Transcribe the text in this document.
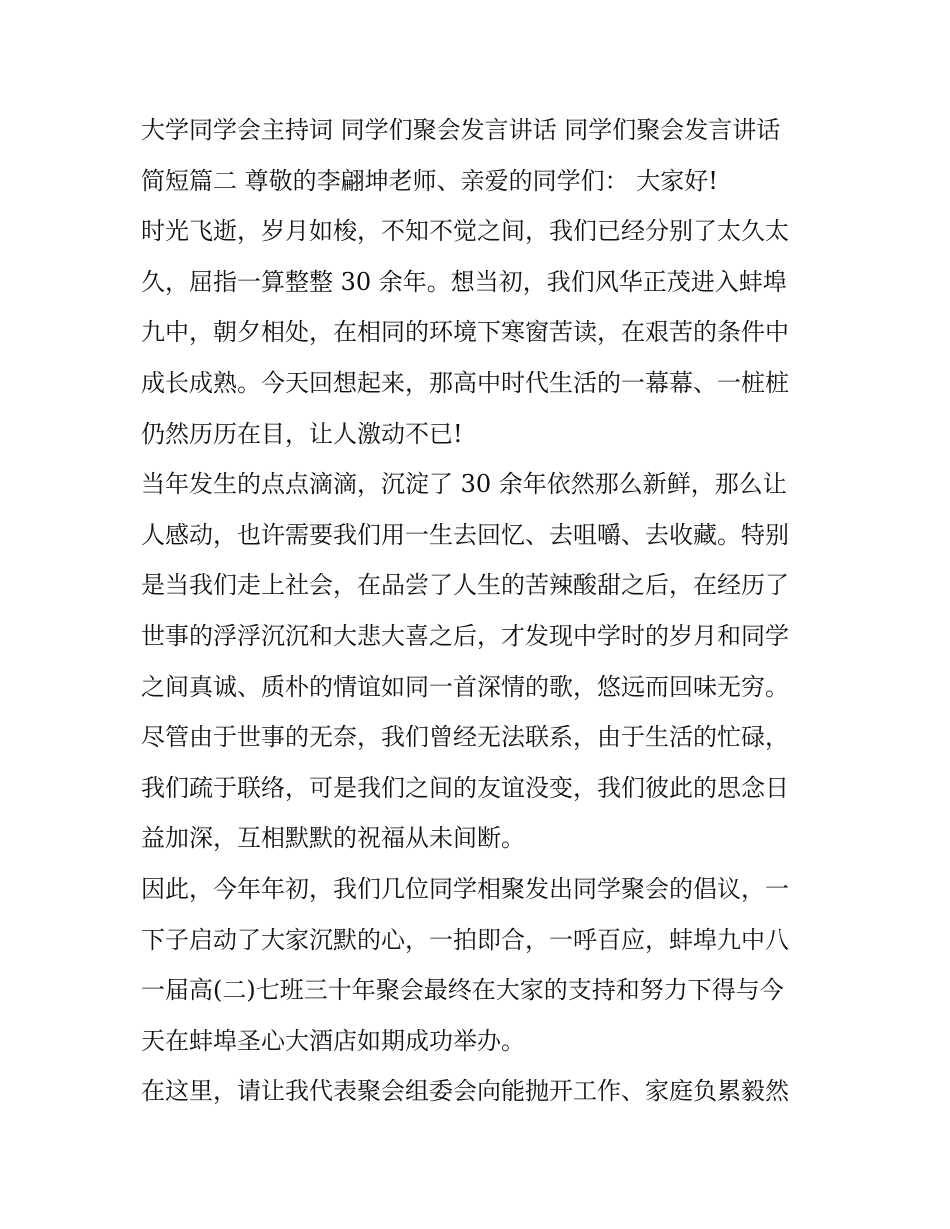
大学同学会主持词 同学们聚会发言讲话 同学们聚会发言讲话
简短篇二 尊敬的李翩坤老师、亲爱的同学们： 大家好!
时光飞逝，岁月如梭，不知不觉之间，我们已经分别了太久太
久，屈指一算整整 30 余年。想当初，我们风华正茂进入蚌埠
九中，朝夕相处，在相同的环境下寒窗苦读，在艰苦的条件中
成长成熟。今天回想起来，那高中时代生活的一幕幕、一桩桩
仍然历历在目，让人激动不已!
当年发生的点点滴滴，沉淀了 30 余年依然那么新鲜，那么让
人感动，也许需要我们用一生去回忆、去咀嚼、去收藏。特别
是当我们走上社会，在品尝了人生的苦辣酸甜之后，在经历了
世事的浮浮沉沉和大悲大喜之后，才发现中学时的岁月和同学
之间真诚、质朴的情谊如同一首深情的歌，悠远而回味无穷。
尽管由于世事的无奈，我们曾经无法联系，由于生活的忙碌，
我们疏于联络，可是我们之间的友谊没变，我们彼此的思念日
益加深，互相默默的祝福从未间断。
因此，今年年初，我们几位同学相聚发出同学聚会的倡议，一
下子启动了大家沉默的心，一拍即合，一呼百应，蚌埠九中八
一届高(二)七班三十年聚会最终在大家的支持和努力下得与今
天在蚌埠圣心大酒店如期成功举办。
在这里，请让我代表聚会组委会向能抛开工作、家庭负累毅然
